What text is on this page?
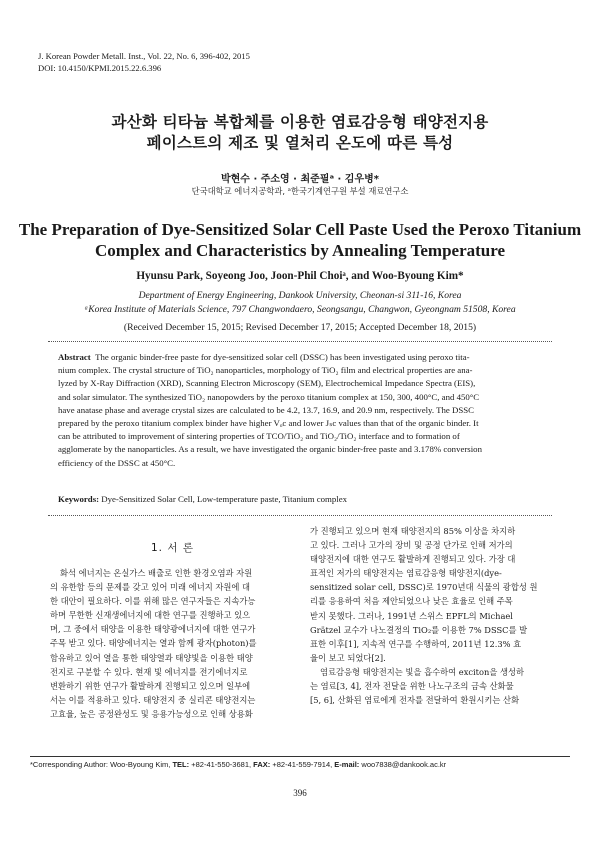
J. Korean Powder Metall. Inst., Vol. 22, No. 6, 396-402, 2015
DOI: 10.4150/KPMI.2015.22.6.396
과산화 티타늄 복합체를 이용한 염료감응형 태양전지용
페이스트의 제조 및 열처리 온도에 따른 특성
박현수 · 주소영 · 최준필ᵃ · 김우병*
단국대학교 에너지공학과, ᵃ한국기계연구원 부설 재료연구소
The Preparation of Dye-Sensitized Solar Cell Paste Used the Peroxo Titanium
Complex and Characteristics by Annealing Temperature
Hyunsu Park, Soyeong Joo, Joon-Phil Choiᵃ, and Woo-Byoung Kim*
Department of Energy Engineering, Dankook University, Cheonan-si 311-16, Korea
ᵃKorea Institute of Materials Science, 797 Changwondaero, Seongsangu, Changwon, Gyeongnam 51508, Korea
(Received December 15, 2015; Revised December 17, 2015; Accepted December 18, 2015)
Abstract The organic binder-free paste for dye-sensitized solar cell (DSSC) has been investigated using peroxo tita-
nium complex. The crystal structure of TiO₂ nanoparticles, morphology of TiO₂ film and electrical properties are ana-
lyzed by X-Ray Diffraction (XRD), Scanning Electron Microscopy (SEM), Electrochemical Impedance Spectra (EIS),
and solar simulator. The synthesized TiO₂ nanopowders by the peroxo titanium complex at 150, 300, 400°C, and 450°C
have anatase phase and average crystal sizes are calculated to be 4.2, 13.7, 16.9, and 20.9 nm, respectively. The DSSC
prepared by the peroxo titanium complex binder have higher Vₒc and lower Jₛc values than that of the organic binder. It
can be attributed to improvement of sintering properties of TCO/TiO₂ and TiO₂/TiO₂ interface and to formation of
agglomerate by the nanoparticles. As a result, we have investigated the organic binder-free paste and 3.178% conversion
efficiency of the DSSC at 450°C.
Keywords: Dye-Sensitized Solar Cell, Low-temperature paste, Titanium complex
1. 서 론
화석 에너지는 온실가스 배출로 인한 환경오염과 자원
의 유한함 등의 문제를 갖고 있어 미래 에너지 자원에 대
한 대안이 필요하다. 이를 위해 많은 연구자들은 지속가능
하며 무한한 신재생에너지에 대한 연구를 진행하고 있으
며, 그 중에서 태양을 이용한 태양광에너지에 대한 연구가
주목 받고 있다. 태양에너지는 열과 함께 광자(photon)를
함유하고 있어 열을 통한 태양열과 태양빛을 이용한 태양
전지로 구분할 수 있다. 현재 빛 에너지를 전기에너지로
변환하기 위한 연구가 활발하게 진행되고 있으며 일부에
서는 이를 적용하고 있다. 태양전지 중 실리콘 태양전지는
고효율, 높은 공정완성도 및 응용가능성으로 인해 상용화
가 진행되고 있으며 현재 태양전지의 85% 이상을 차지하
고 있다. 그러나 고가의 장비 및 공정 단가로 인해 저가의
태양전지에 대한 연구도 활발하게 진행되고 있다. 가장 대
표적인 저가의 태양전지는 염료감응형 태양전지(dye-
sensitized solar cell, DSSC)로 1970년대 식물의 광합성 원
리를 응용하여 처음 제안되었으나 낮은 효율로 인해 주목
받지 못했다. 그러나, 1991년 스위스 EPFL의 Michael
Grätzel 교수가 나노결정의 TiO₂를 이용한 7% DSSC를 발
표한 이후[1], 지속적 연구를 수행하여, 2011년 12.3% 효
율이 보고 되었다[2].
염료감응형 태양전지는 빛을 흡수하여 exciton을 생성하
는 염료[3, 4], 전자 전달을 위한 나노구조의 금속 산화물
[5, 6], 산화된 염료에게 전자를 전달하여 환원시키는 산화
*Corresponding Author: Woo-Byoung Kim, TEL: +82-41-550-3681, FAX: +82-41-559-7914, E-mail: woo7838@dankook.ac.kr
396
